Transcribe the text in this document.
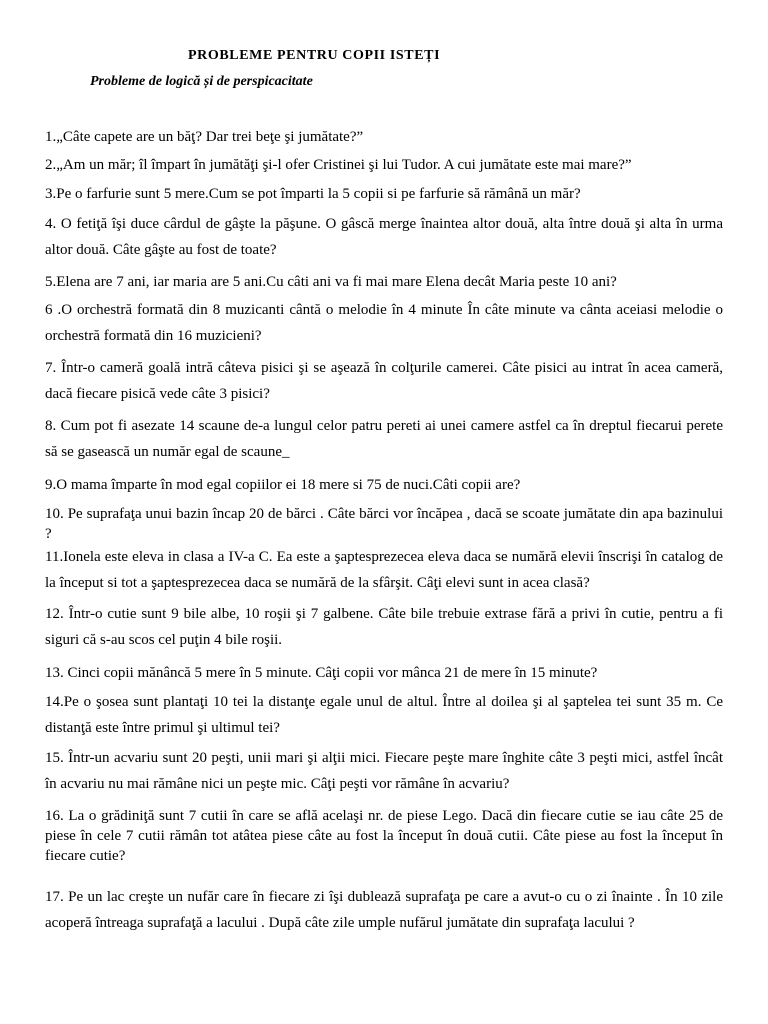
PROBLEME PENTRU COPII ISTEȚI
Probleme de logică și de perspicacitate

1.„Câte capete are un băţ? Dar trei beţe şi jumătate?”

2.„Am un măr; îl împart în jumătăţi şi-l ofer Cristinei şi lui Tudor. A cui jumătate este mai mare?”

3.Pe o farfurie sunt 5 mere.Cum se pot împarti la 5 copii si pe farfurie să rămână un măr?

4. O fetiţă îşi duce cârdul de gâşte la păşune. O gâscă merge înaintea altor două, alta între două şi alta în urma altor două. Câte gâşte au fost de toate?

5.Elena are 7 ani, iar maria are 5 ani.Cu câti ani va fi mai mare Elena decât Maria peste 10 ani?

6 .O orchestră formată din 8 muzicanti cântă o melodie în 4 minute În câte minute va cânta aceiasi melodie o orchestră formată din 16 muzicieni?

7. Într-o cameră goală intră câteva pisici şi se aşează în colţurile camerei. Câte pisici au intrat în acea cameră, dacă fiecare pisică vede câte 3 pisici?

8. Cum pot fi asezate 14 scaune de-a lungul celor patru pereti ai unei camere astfel ca în dreptul fiecarui perete să se gasească un număr egal de scaune_

9.O mama împarte în mod egal copiilor ei 18 mere si 75 de nuci.Câti copii are?

10. Pe suprafaţa unui bazin încap 20 de bărci . Câte bărci vor încăpea , dacă se scoate jumătate din apa bazinului ?

11.Ionela este eleva in clasa a IV-a C. Ea este a şaptesprezecea eleva daca se numără elevii înscrişi în catalog de la început si tot a şaptesprezecea daca se numără de la sfârşit. Câţi elevi sunt in acea clasă?

12. Într-o cutie sunt 9 bile albe, 10 roşii şi 7 galbene. Câte bile trebuie extrase fără a privi în cutie, pentru a fi siguri că s-au scos cel puţin 4 bile roşii.

13. Cinci copii mănâncă 5 mere în 5 minute. Câţi copii vor mânca 21 de mere în 15 minute?

14.Pe o şosea sunt plantaţi 10 tei la distanţe egale unul de altul. Între al doilea şi al şaptelea tei sunt 35 m. Ce distanţă este între primul şi ultimul tei?

15. Într-un acvariu sunt 20 peşti, unii mari şi alţii mici. Fiecare peşte mare înghite câte 3 peşti mici, astfel încât în acvariu nu mai rămâne nici un peşte mic. Câţi peşti vor rămâne în acvariu?

16. La o grădiniţă sunt 7 cutii în care se află acelaşi nr. de piese Lego. Dacă din fiecare cutie se iau câte 25 de piese în cele 7 cutii rămân tot atâtea piese câte au fost la început în două cutii. Câte piese au fost la început în fiecare cutie?

17. Pe un lac creşte un nufăr care în fiecare zi îşi dublează suprafaţa pe care a avut-o cu o zi înainte . În 10 zile acoperă întreaga suprafaţă a lacului . După câte zile umple nufărul jumătate din suprafaţa lacului ?
